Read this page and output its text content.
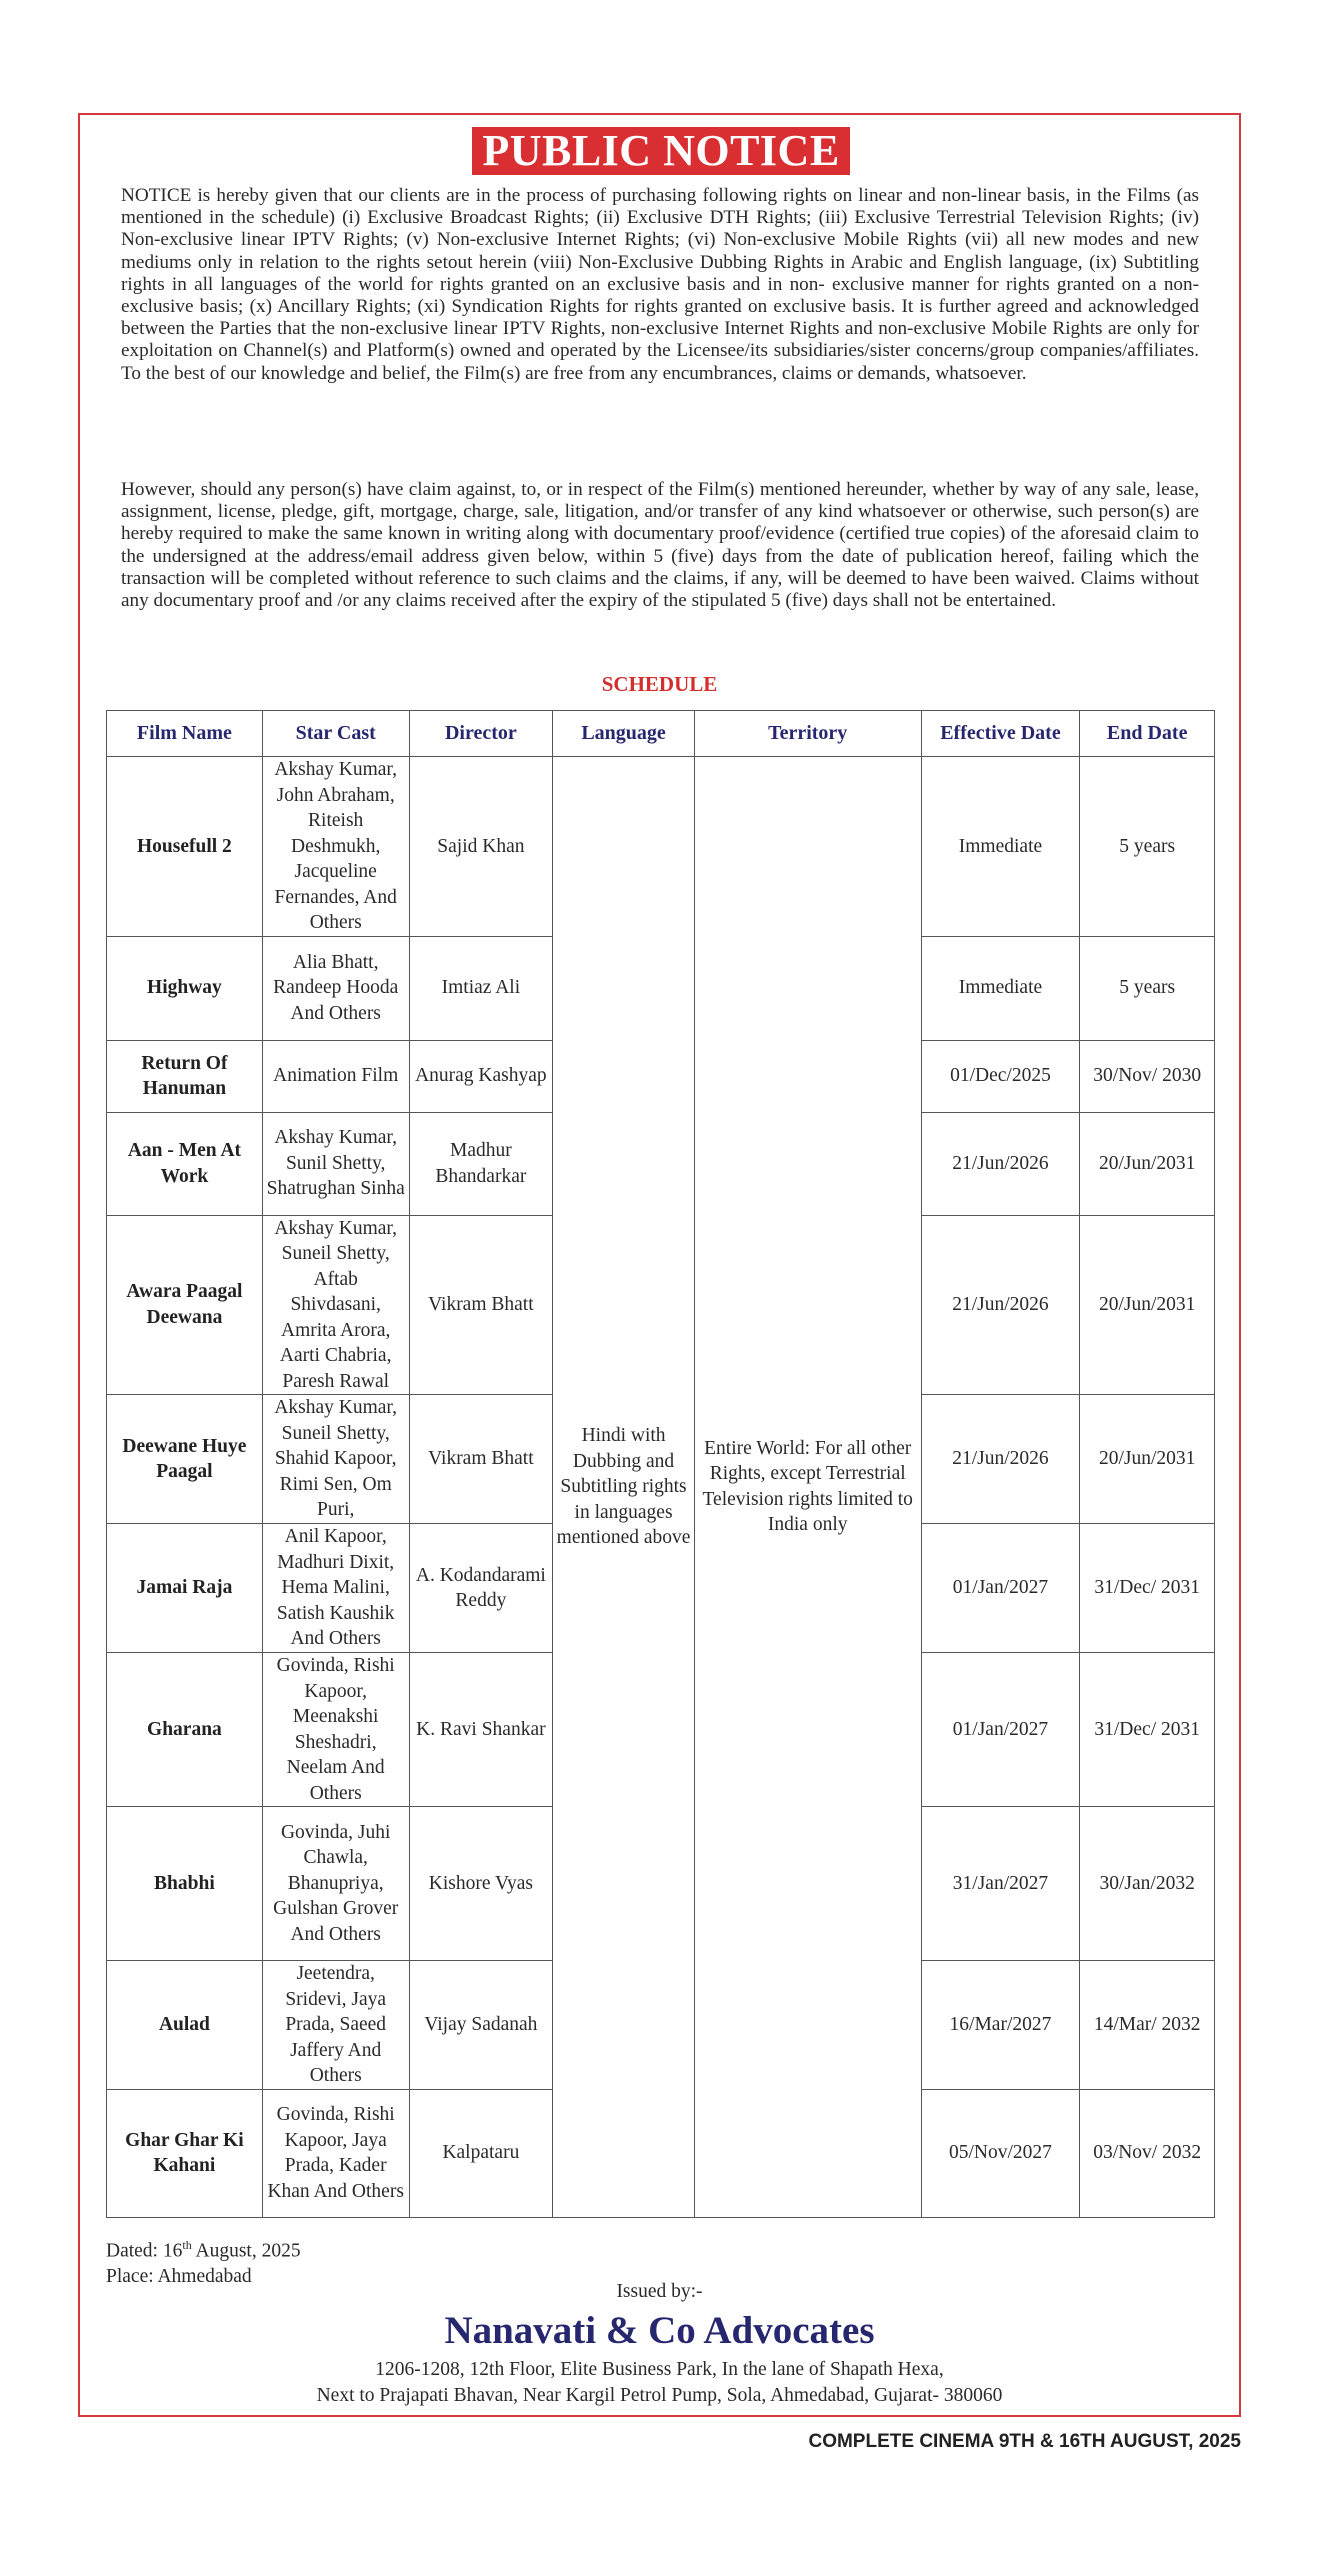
PUBLIC NOTICE

NOTICE is hereby given that our clients are in the process of purchasing following rights on linear and non-linear basis, in the Films (as mentioned in the schedule) (i) Exclusive Broadcast Rights; (ii) Exclusive DTH Rights; (iii) Exclusive Terrestrial Television Rights; (iv) Non-exclusive linear IPTV Rights; (v) Non-exclusive Internet Rights; (vi) Non-exclusive Mobile Rights (vii) all new modes and new mediums only in relation to the rights setout herein (viii) Non-Exclusive Dubbing Rights in Arabic and English language, (ix) Subtitling rights in all languages of the world for rights granted on an exclusive basis and in non- exclusive manner for rights granted on a non-exclusive basis; (x) Ancillary Rights; (xi) Syndication Rights for rights granted on exclusive basis. It is further agreed and acknowledged between the Parties that the non-exclusive linear IPTV Rights, non-exclusive Internet Rights and non-exclusive Mobile Rights are only for exploitation on Channel(s) and Platform(s) owned and operated by the Licensee/its subsidiaries/sister concerns/group companies/affiliates. To the best of our knowledge and belief, the Film(s) are free from any encumbrances, claims or demands, whatsoever.

However, should any person(s) have claim against, to, or in respect of the Film(s) mentioned hereunder, whether by way of any sale, lease, assignment, license, pledge, gift, mortgage, charge, sale, litigation, and/or transfer of any kind whatsoever or otherwise, such person(s) are hereby required to make the same known in writing along with documentary proof/evidence (certified true copies) of the aforesaid claim to the undersigned at the address/email address given below, within 5 (five) days from the date of publication hereof, failing which the transaction will be completed without reference to such claims and the claims, if any, will be deemed to have been waived. Claims without any documentary proof and /or any claims received after the expiry of the stipulated 5 (five) days shall not be entertained.

SCHEDULE
Film Name	Star Cast	Director	Language	Territory	Effective Date	End Date
Housefull 2	Akshay Kumar, John Abraham, Riteish Deshmukh, Jacqueline Fernandes, And Others	Sajid Khan	Hindi with Dubbing and Subtitling rights in languages mentioned above	Entire World: For all other Rights, except Terrestrial Television rights limited to India only	Immediate	5 years
Highway	Alia Bhatt, Randeep Hooda And Others	Imtiaz Ali			Immediate	5 years
Return Of Hanuman	Animation Film	Anurag Kashyap			01/Dec/2025	30/Nov/ 2030
Aan - Men At Work	Akshay Kumar, Sunil Shetty, Shatrughan Sinha	Madhur Bhandarkar			21/Jun/2026	20/Jun/2031
Awara Paagal Deewana	Akshay Kumar, Suneil Shetty, Aftab Shivdasani, Amrita Arora, Aarti Chabria, Paresh Rawal	Vikram Bhatt			21/Jun/2026	20/Jun/2031
Deewane Huye Paagal	Akshay Kumar, Suneil Shetty, Shahid Kapoor, Rimi Sen, Om Puri,	Vikram Bhatt			21/Jun/2026	20/Jun/2031
Jamai Raja	Anil Kapoor, Madhuri Dixit, Hema Malini, Satish Kaushik And Others	A. Kodandarami Reddy			01/Jan/2027	31/Dec/ 2031
Gharana	Govinda, Rishi Kapoor, Meenakshi Sheshadri, Neelam And Others	K. Ravi Shankar			01/Jan/2027	31/Dec/ 2031
Bhabhi	Govinda, Juhi Chawla, Bhanupriya, Gulshan Grover And Others	Kishore Vyas			31/Jan/2027	30/Jan/2032
Aulad	Jeetendra, Sridevi, Jaya Prada, Saeed Jaffery And Others	Vijay Sadanah			16/Mar/2027	14/Mar/ 2032
Ghar Ghar Ki Kahani	Govinda, Rishi Kapoor, Jaya Prada, Kader Khan And Others	Kalpataru			05/Nov/2027	03/Nov/ 2032
Dated: 16th August, 2025
Place: Ahmedabad
Issued by:-
Nanavati & Co Advocates
1206-1208, 12th Floor, Elite Business Park, In the lane of Shapath Hexa,
Next to Prajapati Bhavan, Near Kargil Petrol Pump, Sola, Ahmedabad, Gujarat- 380060
COMPLETE CINEMA 9TH & 16TH AUGUST, 2025
